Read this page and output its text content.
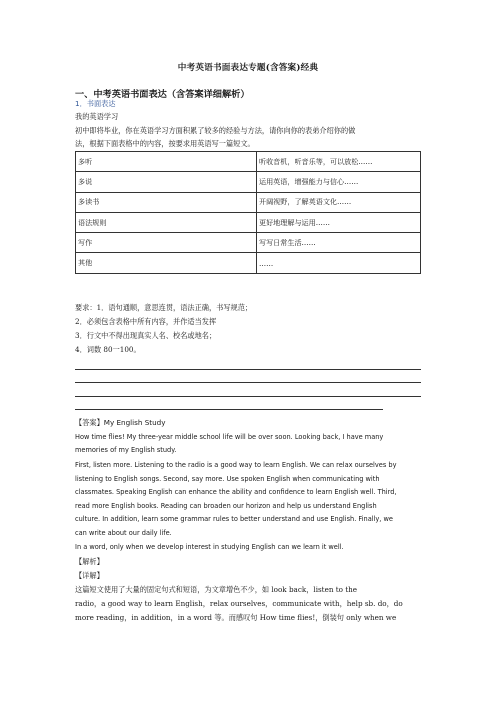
中考英语书面表达专题(含答案)经典
一、中考英语书面表达（含答案详细解析）
1．书面表达
我的英语学习
初中即将毕业，你在英语学习方面积累了较多的经验与方法，请你向你的表弟介绍你的做
法，根据下面表格中的内容，按要求用英语写一篇短文。
多听	听收音机，听音乐等，可以放松……
多说	运用英语，增强能力与信心……
多读书	开阔视野，了解英语文化……
语法规则	更好地理解与运用……
写作	写写日常生活……
其他	……
要求：1．语句通顺，意思连贯，语法正确，书写规范；
2．必须包含表格中所有内容，并作适当发挥
3．行文中不得出现真实人名、校名或地名；
4．词数 80一100。
【答案】My English Study
How time flies! My three-year middle school life will be over soon. Looking back, I have many
memories of my English study.
First, listen more. Listening to the radio is a good way to learn English. We can relax ourselves by
listening to English songs. Second, say more. Use spoken English when communicating with
classmates. Speaking English can enhance the ability and confidence to learn English well. Third,
read more English books. Reading can broaden our horizon and help us understand English
culture. In addition, learn some grammar rules to better understand and use English. Finally, we
can write about our daily life.
In a word, only when we develop interest in studying English can we learn it well.
【解析】
【详解】
这篇短文使用了大量的固定句式和短语，为文章增色不少，如 look back，listen to the
radio，a good way to learn English，relax ourselves，communicate with，help sb. do，do
more reading，in addition，in a word 等。而感叹句 How time flies!，倒装句 only when we
